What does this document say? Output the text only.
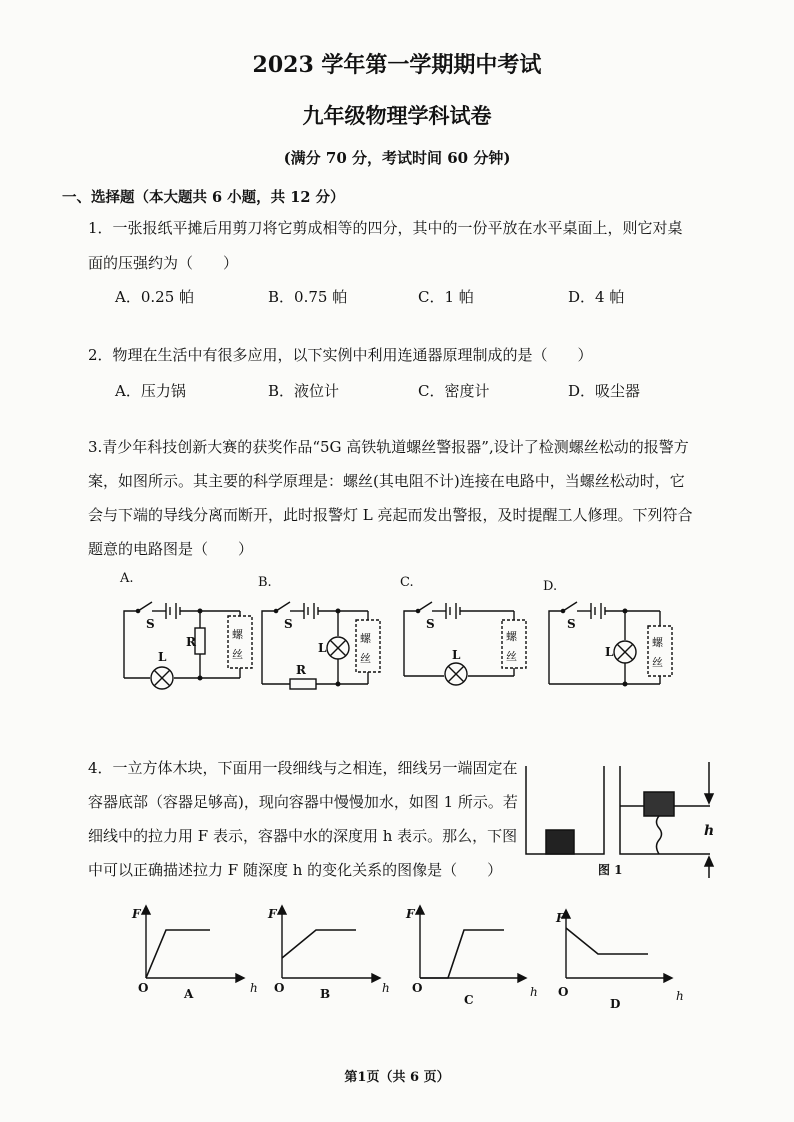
2023 学年第一学期期中考试
九年级物理学科试卷
(满分 70 分，考试时间 60 分钟)
一、选择题（本大题共 6 小题，共 12 分）
1．一张报纸平摊后用剪刀将它剪成相等的四分，其中的一份平放在水平桌面上，则它对桌
面的压强约为（　　）
A．0.25 帕	B．0.75 帕	C．1 帕	D．4 帕
2．物理在生活中有很多应用，以下实例中利用连通器原理制成的是（　　）
A．压力锅	B．液位计	C．密度计	D．吸尘器
3.青少年科技创新大赛的获奖作品“5G 高铁轨道螺丝警报器”,设计了检测螺丝松动的报警方
案，如图所示。其主要的科学原理是：螺丝(其电阻不计)连接在电路中，当螺丝松动时，它
会与下端的导线分离而断开，此时报警灯 L 亮起而发出警报，及时提醒工人修理。下列符合
题意的电路图是（　　）
A.
S
R
L
螺
丝
B.
S
R
L
螺
丝
C.
S
L
螺
丝
D.
S
L
螺
丝
4．一立方体木块，下面用一段细线与之相连，细线另一端固定在
容器底部（容器足够高)，现向容器中慢慢加水，如图 1 所示。若
细线中的拉力用 F 表示，容器中水的深度用 h 表示。那么，下图
中可以正确描述拉力 F 随深度 h 的变化关系的图像是（　　）
h
图 1
F
O	h
A
F
O	h
B
F
O	h
C
F
O	h
D
第1页（共 6 页）
